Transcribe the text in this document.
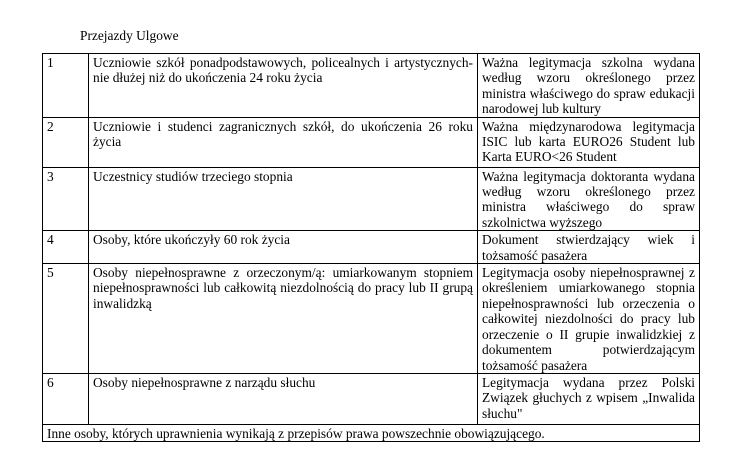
Przejazdy Ulgowe
1	Uczniowie szkół ponadpodstawowych, policealnych i artystycznych- nie dłużej niż do ukończenia 24 roku życia	Ważna legitymacja szkolna wydana według wzoru określonego przez ministra właściwego do spraw edukacji narodowej lub kultury
2	Uczniowie i studenci zagranicznych szkół, do ukończenia 26 roku życia	Ważna międzynarodowa legitymacja ISIC lub karta EURO26 Student lub Karta EURO<26 Student
3	Uczestnicy studiów trzeciego stopnia	Ważna legitymacja doktoranta wydana według wzoru określonego przez ministra właściwego do spraw szkolnictwa wyższego
4	Osoby, które ukończyły 60 rok życia	Dokument stwierdzający wiek i tożsamość pasażera
5	Osoby niepełnosprawne z orzeczonym/ą: umiarkowanym stopniem niepełnosprawności lub całkowitą niezdolnością do pracy lub II grupą inwalidzką	Legitymacja osoby niepełnosprawnej z określeniem umiarkowanego stopnia niepełnosprawności lub orzeczenia o całkowitej niezdolności do pracy lub orzeczenie o II grupie inwalidzkiej z dokumentem potwierdzającym tożsamość pasażera
6	Osoby niepełnosprawne z narządu słuchu	Legitymacja wydana przez Polski Związek głuchych z wpisem „Inwalida słuchu"
Inne osoby, których uprawnienia wynikają z przepisów prawa powszechnie obowiązującego.		
